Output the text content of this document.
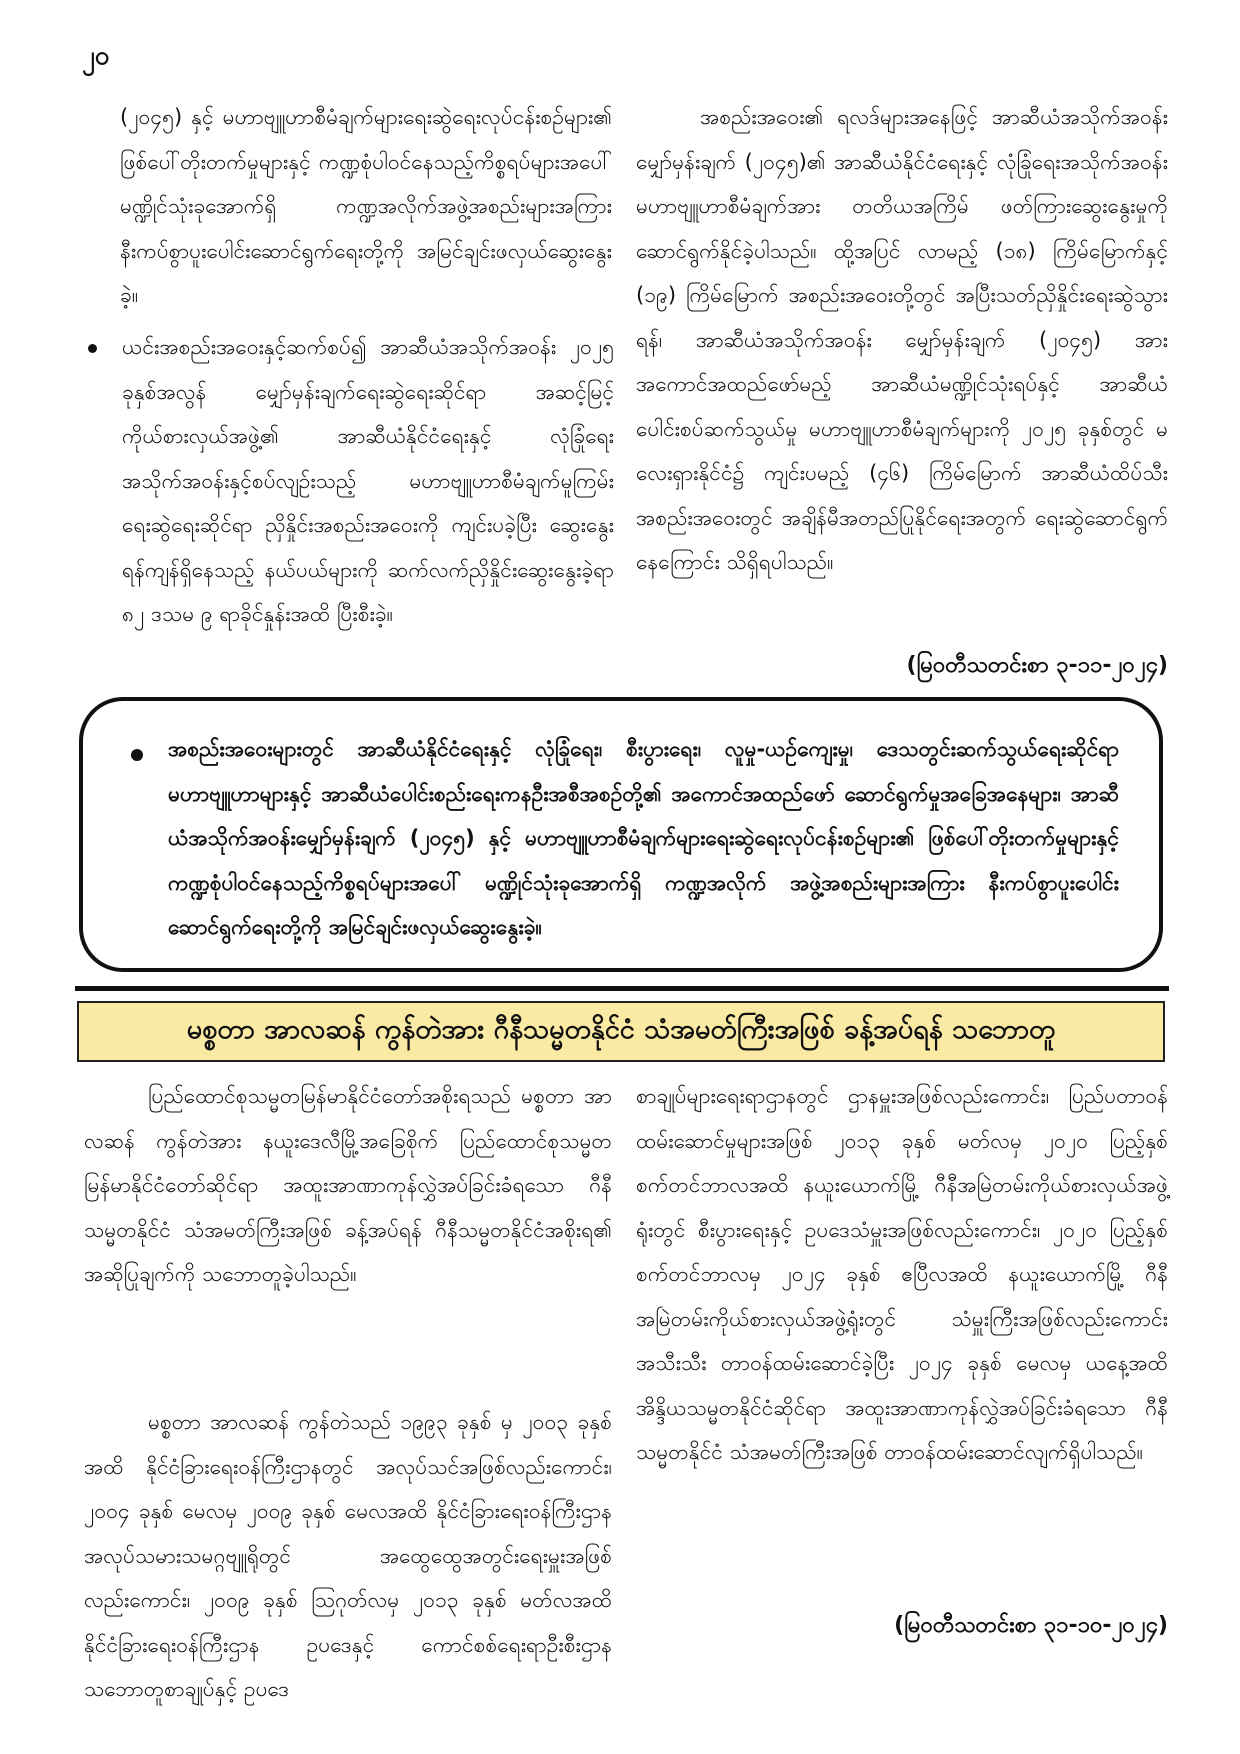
၂၀
(၂၀၄၅) နှင့် မဟာဗျူဟာစီမံချက်များရေးဆွဲရေးလုပ်ငန်းစဉ်များ၏ ဖြစ်ပေါ်တိုးတက်မှုများနှင့် ကဏ္ဍစုံပါဝင်နေသည့်ကိစ္စရပ်များအပေါ် မဏ္ဍိုင်သုံးခုအောက်ရှိ ကဏ္ဍအလိုက်အဖွဲ့အစည်းများအကြား နီးကပ်စွာပူးပေါင်းဆောင်ရွက်ရေးတို့ကို အမြင်ချင်းဖလှယ်ဆွေးနွေးခဲ့။
ယင်းအစည်းအဝေးနှင့်ဆက်စပ်၍ အာဆီယံအသိုက်အဝန်း ၂၀၂၅ ခုနှစ်အလွန် မျှော်မှန်းချက်ရေးဆွဲရေးဆိုင်ရာ အဆင့်မြင့်ကိုယ်စားလှယ်အဖွဲ့၏ အာဆီယံနိုင်ငံရေးနှင့် လုံခြုံရေးအသိုက်အဝန်းနှင့်စပ်လျဉ်းသည့် မဟာဗျူဟာစီမံချက်မူကြမ်းရေးဆွဲရေးဆိုင်ရာ ညှိနှိုင်းအစည်းအဝေးကို ကျင်းပခဲ့ပြီး ဆွေးနွေးရန်ကျန်ရှိနေသည့် နယ်ပယ်များကို ဆက်လက်ညှိနှိုင်းဆွေးနွေးခဲ့ရာ ၈၂ ဒသမ ၉ ရာခိုင်နှုန်းအထိ ပြီးစီးခဲ့။
အစည်းအဝေး၏ ရလဒ်များအနေဖြင့် အာဆီယံအသိုက်အဝန်း မျှော်မှန်းချက် (၂၀၄၅)၏ အာဆီယံနိုင်ငံရေးနှင့် လုံခြုံရေးအသိုက်အဝန်းမဟာဗျူဟာစီမံချက်အား တတိယအကြိမ် ဖတ်ကြားဆွေးနွေးမှုကို ဆောင်ရွက်နိုင်ခဲ့ပါသည်။ ထို့အပြင် လာမည့် (၁၈) ကြိမ်မြောက်နှင့် (၁၉) ကြိမ်မြောက် အစည်းအဝေးတို့တွင် အပြီးသတ်ညှိနှိုင်းရေးဆွဲသွားရန်၊ အာဆီယံအသိုက်အဝန်း မျှော်မှန်းချက် (၂၀၄၅) အား အကောင်အထည်ဖော်မည့် အာဆီယံမဏ္ဍိုင်သုံးရပ်နှင့် အာဆီယံပေါင်းစပ်ဆက်သွယ်မှု မဟာဗျူဟာစီမံချက်များကို ၂၀၂၅ ခုနှစ်တွင် မလေးရှားနိုင်ငံ၌ ကျင်းပမည့် (၄၆) ကြိမ်မြောက် အာဆီယံထိပ်သီး အစည်းအဝေးတွင် အချိန်မီအတည်ပြုနိုင်ရေးအတွက် ရေးဆွဲဆောင်ရွက်နေကြောင်း သိရှိရပါသည်။
(မြဝတီသတင်းစာ ၃-၁၁-၂၀၂၄)
အစည်းအဝေးများတွင် အာဆီယံနိုင်ငံရေးနှင့် လုံခြုံရေး၊ စီးပွားရေး၊ လူမှု-ယဉ်ကျေးမှု၊ ဒေသတွင်းဆက်သွယ်ရေးဆိုင်ရာ မဟာဗျူဟာများနှင့် အာဆီယံပေါင်းစည်းရေးကနဦးအစီအစဉ်တို့၏ အကောင်အထည်ဖော် ဆောင်ရွက်မှုအခြေအနေများ၊ အာဆီယံအသိုက်အဝန်းမျှော်မှန်းချက် (၂၀၄၅) နှင့် မဟာဗျူဟာစီမံချက်များရေးဆွဲရေးလုပ်ငန်းစဉ်များ၏ ဖြစ်ပေါ်တိုးတက်မှုများနှင့် ကဏ္ဍစုံပါဝင်နေသည့်ကိစ္စရပ်များအပေါ် မဏ္ဍိုင်သုံးခုအောက်ရှိ ကဏ္ဍအလိုက် အဖွဲ့အစည်းများအကြား နီးကပ်စွာပူးပေါင်းဆောင်ရွက်ရေးတို့ကို အမြင်ချင်းဖလှယ်ဆွေးနွေးခဲ့။
မစ္စတာ အာလဆန် ကွန်တဲအား ဂီနီသမ္မတနိုင်ငံ သံအမတ်ကြီးအဖြစ် ခန့်အပ်ရန် သဘောတူ
ပြည်ထောင်စုသမ္မတမြန်မာနိုင်ငံတော်အစိုးရသည် မစ္စတာ အာလဆန် ကွန်တဲအား နယူးဒေလီမြို့အခြေစိုက် ပြည်ထောင်စုသမ္မတမြန်မာနိုင်ငံတော်ဆိုင်ရာ အထူးအာဏာကုန်လွှဲအပ်ခြင်းခံရသော ဂီနီသမ္မတနိုင်ငံ သံအမတ်ကြီးအဖြစ် ခန့်အပ်ရန် ဂီနီသမ္မတနိုင်ငံအစိုးရ၏ အဆိုပြုချက်ကို သဘောတူခဲ့ပါသည်။
မစ္စတာ အာလဆန် ကွန်တဲသည် ၁၉၉၃ ခုနှစ် မှ ၂၀၀၃ ခုနှစ်အထိ နိုင်ငံခြားရေးဝန်ကြီးဌာနတွင် အလုပ်သင်အဖြစ်လည်းကောင်း၊ ၂၀၀၄ ခုနှစ် မေလမှ ၂၀၀၉ ခုနှစ် မေလအထိ နိုင်ငံခြားရေးဝန်ကြီးဌာန အလုပ်သမားသမဂ္ဂဗျူရိုတွင် အထွေထွေအတွင်းရေးမှူးအဖြစ်လည်းကောင်း၊ ၂၀၀၉ ခုနှစ် ဩဂုတ်လမှ ၂၀၁၃ ခုနှစ် မတ်လအထိ နိုင်ငံခြားရေးဝန်ကြီးဌာန ဥပဒေနှင့် ကောင်စစ်ရေးရာဦးစီးဌာန သဘောတူစာချုပ်နှင့် ဥပဒေ
စာချုပ်များရေးရာဌာနတွင် ဌာနမှူးအဖြစ်လည်းကောင်း၊ ပြည်ပတာဝန်ထမ်းဆောင်မှုများအဖြစ် ၂၀၁၃ ခုနှစ် မတ်လမှ ၂၀၂၀ ပြည့်နှစ် စက်တင်ဘာလအထိ နယူးယောက်မြို့ ဂီနီအမြဲတမ်းကိုယ်စားလှယ်အဖွဲ့ရုံးတွင် စီးပွားရေးနှင့် ဥပဒေသံမှူးအဖြစ်လည်းကောင်း၊ ၂၀၂၀ ပြည့်နှစ် စက်တင်ဘာလမှ ၂၀၂၄ ခုနှစ် ဧပြီလအထိ နယူးယောက်မြို့ ဂီနီအမြဲတမ်းကိုယ်စားလှယ်အဖွဲ့ရုံးတွင် သံမှူးကြီးအဖြစ်လည်းကောင်း အသီးသီး တာဝန်ထမ်းဆောင်ခဲ့ပြီး ၂၀၂၄ ခုနှစ် မေလမှ ယနေ့အထိ အိန္ဒိယသမ္မတနိုင်ငံဆိုင်ရာ အထူးအာဏာကုန်လွှဲအပ်ခြင်းခံရသော ဂီနီသမ္မတနိုင်ငံ သံအမတ်ကြီးအဖြစ် တာဝန်ထမ်းဆောင်လျက်ရှိပါသည်။
(မြဝတီသတင်းစာ ၃၁-၁၀-၂၀၂၄)
